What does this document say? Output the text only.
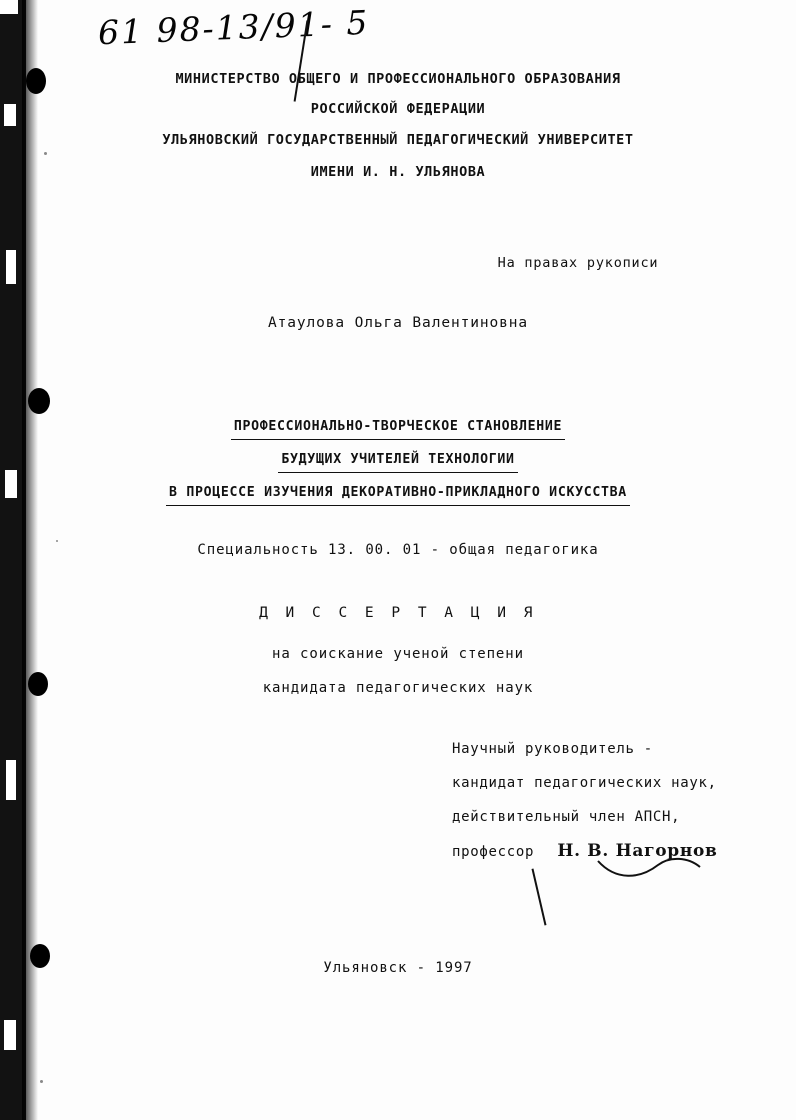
61 98-13/91- 5
МИНИСТЕРСТВО ОБЩЕГО И ПРОФЕССИОНАЛЬНОГО ОБРАЗОВАНИЯ
РОССИЙСКОЙ ФЕДЕРАЦИИ
УЛЬЯНОВСКИЙ ГОСУДАРСТВЕННЫЙ ПЕДАГОГИЧЕСКИЙ УНИВЕРСИТЕТ
ИМЕНИ И. Н. УЛЬЯНОВА
На правах рукописи
Атаулова Ольга Валентиновна
ПРОФЕССИОНАЛЬНО-ТВОРЧЕСКОЕ СТАНОВЛЕНИЕ
БУДУЩИХ УЧИТЕЛЕЙ ТЕХНОЛОГИИ
В ПРОЦЕССЕ ИЗУЧЕНИЯ ДЕКОРАТИВНО-ПРИКЛАДНОГО ИСКУССТВА
Специальность 13. 00. 01 - общая педагогика
Д И С С Е Р Т А Ц И Я
на соискание ученой степени
кандидата педагогических наук
Научный руководитель -
кандидат педагогических наук,
действительный член АПСН,
профессор Н. В. Нагорнов
Ульяновск - 1997
